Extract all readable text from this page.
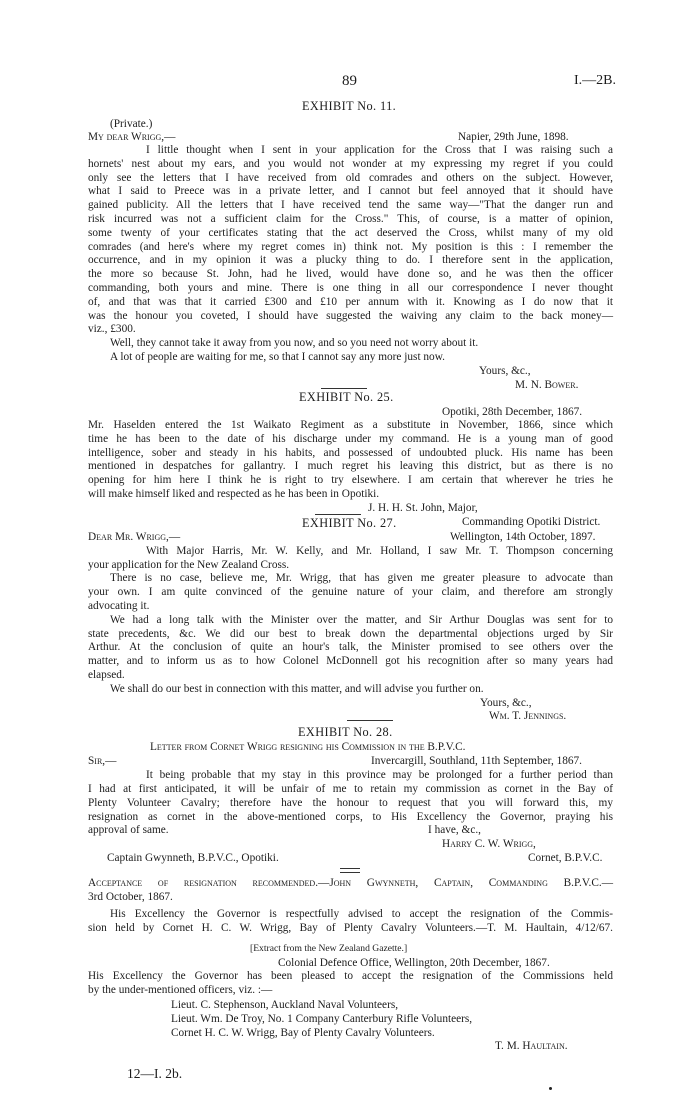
89	I.—2B.
EXHIBIT No. 11.
(Private.)
My dear Wrigg,—	Napier, 29th June, 1898.
I little thought when I sent in your application for the Cross that I was raising such a
hornets' nest about my ears, and you would not wonder at my expressing my regret if you could
only see the letters that I have received from old comrades and others on the subject. However,
what I said to Preece was in a private letter, and I cannot but feel annoyed that it should have
gained publicity. All the letters that I have received tend the same way—"That the danger run and
risk incurred was not a sufficient claim for the Cross." This, of course, is a matter of opinion,
some twenty of your certificates stating that the act deserved the Cross, whilst many of my old
comrades (and here's where my regret comes in) think not. My position is this : I remember the
occurrence, and in my opinion it was a plucky thing to do. I therefore sent in the application,
the more so because St. John, had he lived, would have done so, and he was then the officer
commanding, both yours and mine. There is one thing in all our correspondence I never thought
of, and that was that it carried £300 and £10 per annum with it. Knowing as I do now that it
was the honour you coveted, I should have suggested the waiving any claim to the back money—
viz., £300.
Well, they cannot take it away from you now, and so you need not worry about it.
A lot of people are waiting for me, so that I cannot say any more just now.
Yours, &c.,
M. N. Bower.
EXHIBIT No. 25.
Opotiki, 28th December, 1867.
Mr. Haselden entered the 1st Waikato Regiment as a substitute in November, 1866, since which
time he has been to the date of his discharge under my command. He is a young man of good
intelligence, sober and steady in his habits, and possessed of undoubted pluck. His name has been
mentioned in despatches for gallantry. I much regret his leaving this district, but as there is no
opening for him here I think he is right to try elsewhere. I am certain that wherever he tries he
will make himself liked and respected as he has been in Opotiki.
J. H. H. St. John, Major,
Commanding Opotiki District.
EXHIBIT No. 27.
Dear Mr. Wrigg,—	Wellington, 14th October, 1897.
With Major Harris, Mr. W. Kelly, and Mr. Holland, I saw Mr. T. Thompson concerning
your application for the New Zealand Cross.
There is no case, believe me, Mr. Wrigg, that has given me greater pleasure to advocate than
your own. I am quite convinced of the genuine nature of your claim, and therefore am strongly
advocating it.
We had a long talk with the Minister over the matter, and Sir Arthur Douglas was sent for to
state precedents, &c. We did our best to break down the departmental objections urged by Sir
Arthur. At the conclusion of quite an hour's talk, the Minister promised to see others over the
matter, and to inform us as to how Colonel McDonnell got his recognition after so many years had
elapsed.
We shall do our best in connection with this matter, and will advise you further on.
Yours, &c.,
Wm. T. Jennings.
EXHIBIT No. 28.
Letter from Cornet Wrigg resigning his Commission in the B.P.V.C.
Sir,—	Invercargill, Southland, 11th September, 1867.
It being probable that my stay in this province may be prolonged for a further period than
I had at first anticipated, it will be unfair of me to retain my commission as cornet in the Bay of
Plenty Volunteer Cavalry; therefore have the honour to request that you will forward this, my
resignation as cornet in the above-mentioned corps, to His Excellency the Governor, praying his
approval of same.	I have, &c.,
Harry C. W. Wrigg,
Captain Gwynneth, B.P.V.C., Opotiki.	Cornet, B.P.V.C.
Acceptance of resignation recommended.—John Gwynneth, Captain, Commanding B.P.V.C.—
3rd October, 1867.
His Excellency the Governor is respectfully advised to accept the resignation of the Commis-
sion held by Cornet H. C. W. Wrigg, Bay of Plenty Cavalry Volunteers.—T. M. Haultain, 4/12/67.
[Extract from the New Zealand Gazette.]
Colonial Defence Office, Wellington, 20th December, 1867.
His Excellency the Governor has been pleased to accept the resignation of the Commissions held
by the under-mentioned officers, viz. :—
Lieut. C. Stephenson, Auckland Naval Volunteers,
Lieut. Wm. De Troy, No. 1 Company Canterbury Rifle Volunteers,
Cornet H. C. W. Wrigg, Bay of Plenty Cavalry Volunteers.
T. M. Haultain.
12—I. 2b.
